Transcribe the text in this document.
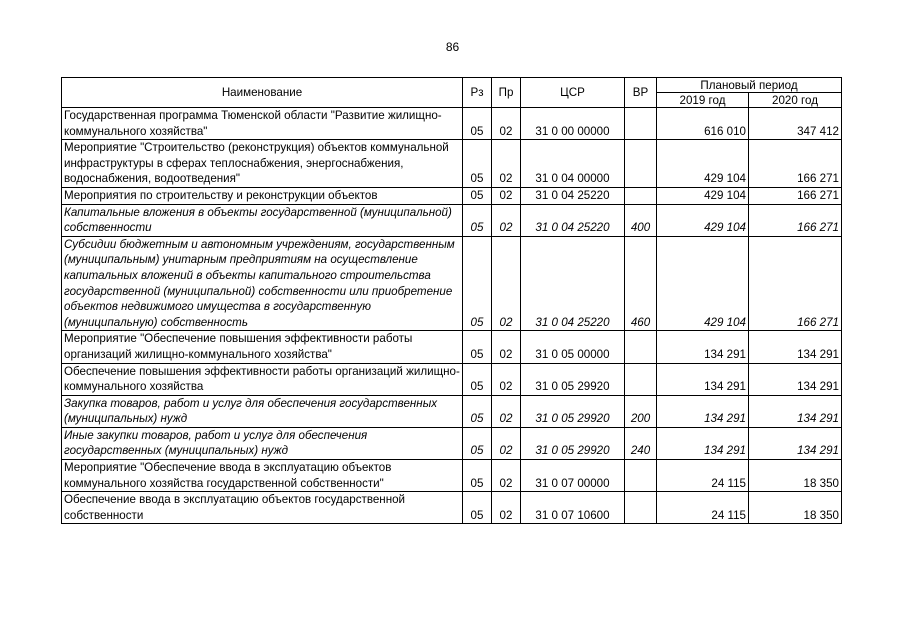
86
Наименование	Рз	Пр	ЦСР	ВР	Плановый период	
					2019 год	2020 год
Государственная программа Тюменской области "Развитие жилищно-коммунального хозяйства"	05	02	31 0 00 00000		616 010	347 412
Мероприятие "Строительство (реконструкция) объектов коммунальной инфраструктуры в сферах теплоснабжения, энергоснабжения, водоснабжения, водоотведения"	05	02	31 0 04 00000		429 104	166 271
Мероприятия по строительству и реконструкции объектов	05	02	31 0 04 25220		429 104	166 271
Капитальные вложения в объекты государственной (муниципальной) собственности	05	02	31 0 04 25220	400	429 104	166 271
Субсидии бюджетным и автономным учреждениям, государственным (муниципальным) унитарным предприятиям на осуществление капитальных вложений в объекты капитального строительства государственной (муниципальной) собственности или приобретение объектов недвижимого имущества в государственную (муниципальную) собственность	05	02	31 0 04 25220	460	429 104	166 271
Мероприятие "Обеспечение повышения эффективности работы организаций жилищно-коммунального хозяйства"	05	02	31 0 05 00000		134 291	134 291
Обеспечение повышения эффективности работы организаций жилищно-коммунального хозяйства	05	02	31 0 05 29920		134 291	134 291
Закупка товаров, работ и услуг для обеспечения государственных (муниципальных) нужд	05	02	31 0 05 29920	200	134 291	134 291
Иные закупки товаров, работ и услуг для обеспечения государственных (муниципальных) нужд	05	02	31 0 05 29920	240	134 291	134 291
Мероприятие "Обеспечение ввода в эксплуатацию объектов коммунального хозяйства государственной собственности"	05	02	31 0 07 00000		24 115	18 350
Обеспечение ввода в эксплуатацию объектов государственной собственности	05	02	31 0 07 10600		24 115	18 350
